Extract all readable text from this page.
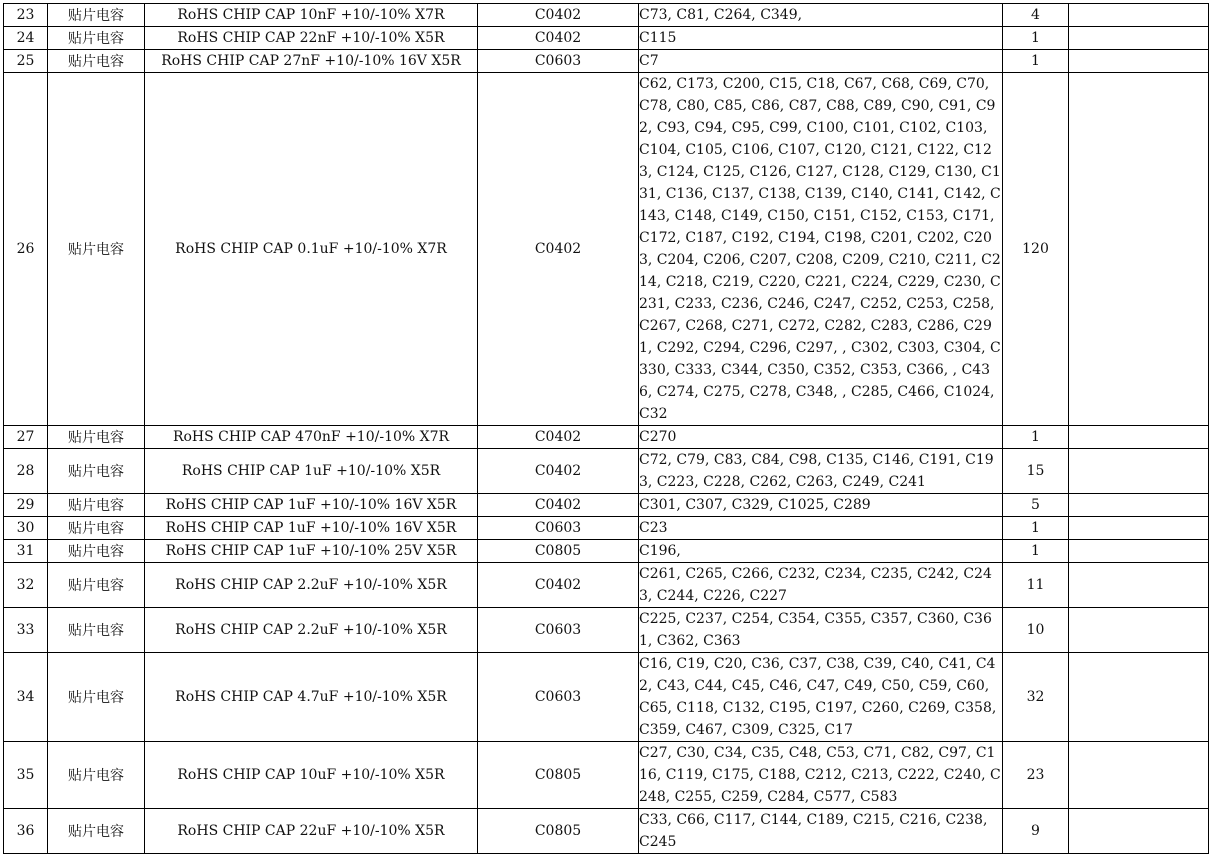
23	贴片电容	RoHS CHIP CAP 10nF +10/-10% X7R	C0402	C73, C81, C264, C349,	4	
24	贴片电容	RoHS CHIP CAP 22nF +10/-10% X5R	C0402	C115	1	
25	贴片电容	RoHS CHIP CAP 27nF +10/-10% 16V X5R	C0603	C7	1	
26	贴片电容	RoHS CHIP CAP 0.1uF +10/-10% X7R	C0402	C62, C173, C200, C15, C18, C67, C68, C69, C70, C78, C80, C85, C86, C87, C88, C89, C90, C91, C92, C93, C94, C95, C99, C100, C101, C102, C103, C104, C105, C106, C107, C120, C121, C122, C123, C124, C125, C126, C127, C128, C129, C130, C131, C136, C137, C138, C139, C140, C141, C142, C143, C148, C149, C150, C151, C152, C153, C171, C172, C187, C192, C194, C198, C201, C202, C203, C204, C206, C207, C208, C209, C210, C211, C214, C218, C219, C220, C221, C224, C229, C230, C231, C233, C236, C246, C247, C252, C253, C258, C267, C268, C271, C272, C282, C283, C286, C291, C292, C294, C296, C297, , C302, C303, C304, C330, C333, C344, C350, C352, C353, C366, , C436, C274, C275, C278, C348, , C285, C466, C1024, C32	120	
27	贴片电容	RoHS CHIP CAP 470nF +10/-10% X7R	C0402	C270	1	
28	贴片电容	RoHS CHIP CAP 1uF +10/-10% X5R	C0402	C72, C79, C83, C84, C98, C135, C146, C191, C193, C223, C228, C262, C263, C249, C241	15	
29	贴片电容	RoHS CHIP CAP 1uF +10/-10% 16V X5R	C0402	C301, C307, C329, C1025, C289	5	
30	贴片电容	RoHS CHIP CAP 1uF +10/-10% 16V X5R	C0603	C23	1	
31	贴片电容	RoHS CHIP CAP 1uF +10/-10% 25V X5R	C0805	C196,	1	
32	贴片电容	RoHS CHIP CAP 2.2uF +10/-10% X5R	C0402	C261, C265, C266, C232, C234, C235, C242, C243, C244, C226, C227	11	
33	贴片电容	RoHS CHIP CAP 2.2uF +10/-10% X5R	C0603	C225, C237, C254, C354, C355, C357, C360, C361, C362, C363	10	
34	贴片电容	RoHS CHIP CAP 4.7uF +10/-10% X5R	C0603	C16, C19, C20, C36, C37, C38, C39, C40, C41, C42, C43, C44, C45, C46, C47, C49, C50, C59, C60, C65, C118, C132, C195, C197, C260, C269, C358, C359, C467, C309, C325, C17	32	
35	贴片电容	RoHS CHIP CAP 10uF +10/-10% X5R	C0805	C27, C30, C34, C35, C48, C53, C71, C82, C97, C116, C119, C175, C188, C212, C213, C222, C240, C248, C255, C259, C284, C577, C583	23	
36	贴片电容	RoHS CHIP CAP 22uF +10/-10% X5R	C0805	C33, C66, C117, C144, C189, C215, C216, C238, C245	9	
